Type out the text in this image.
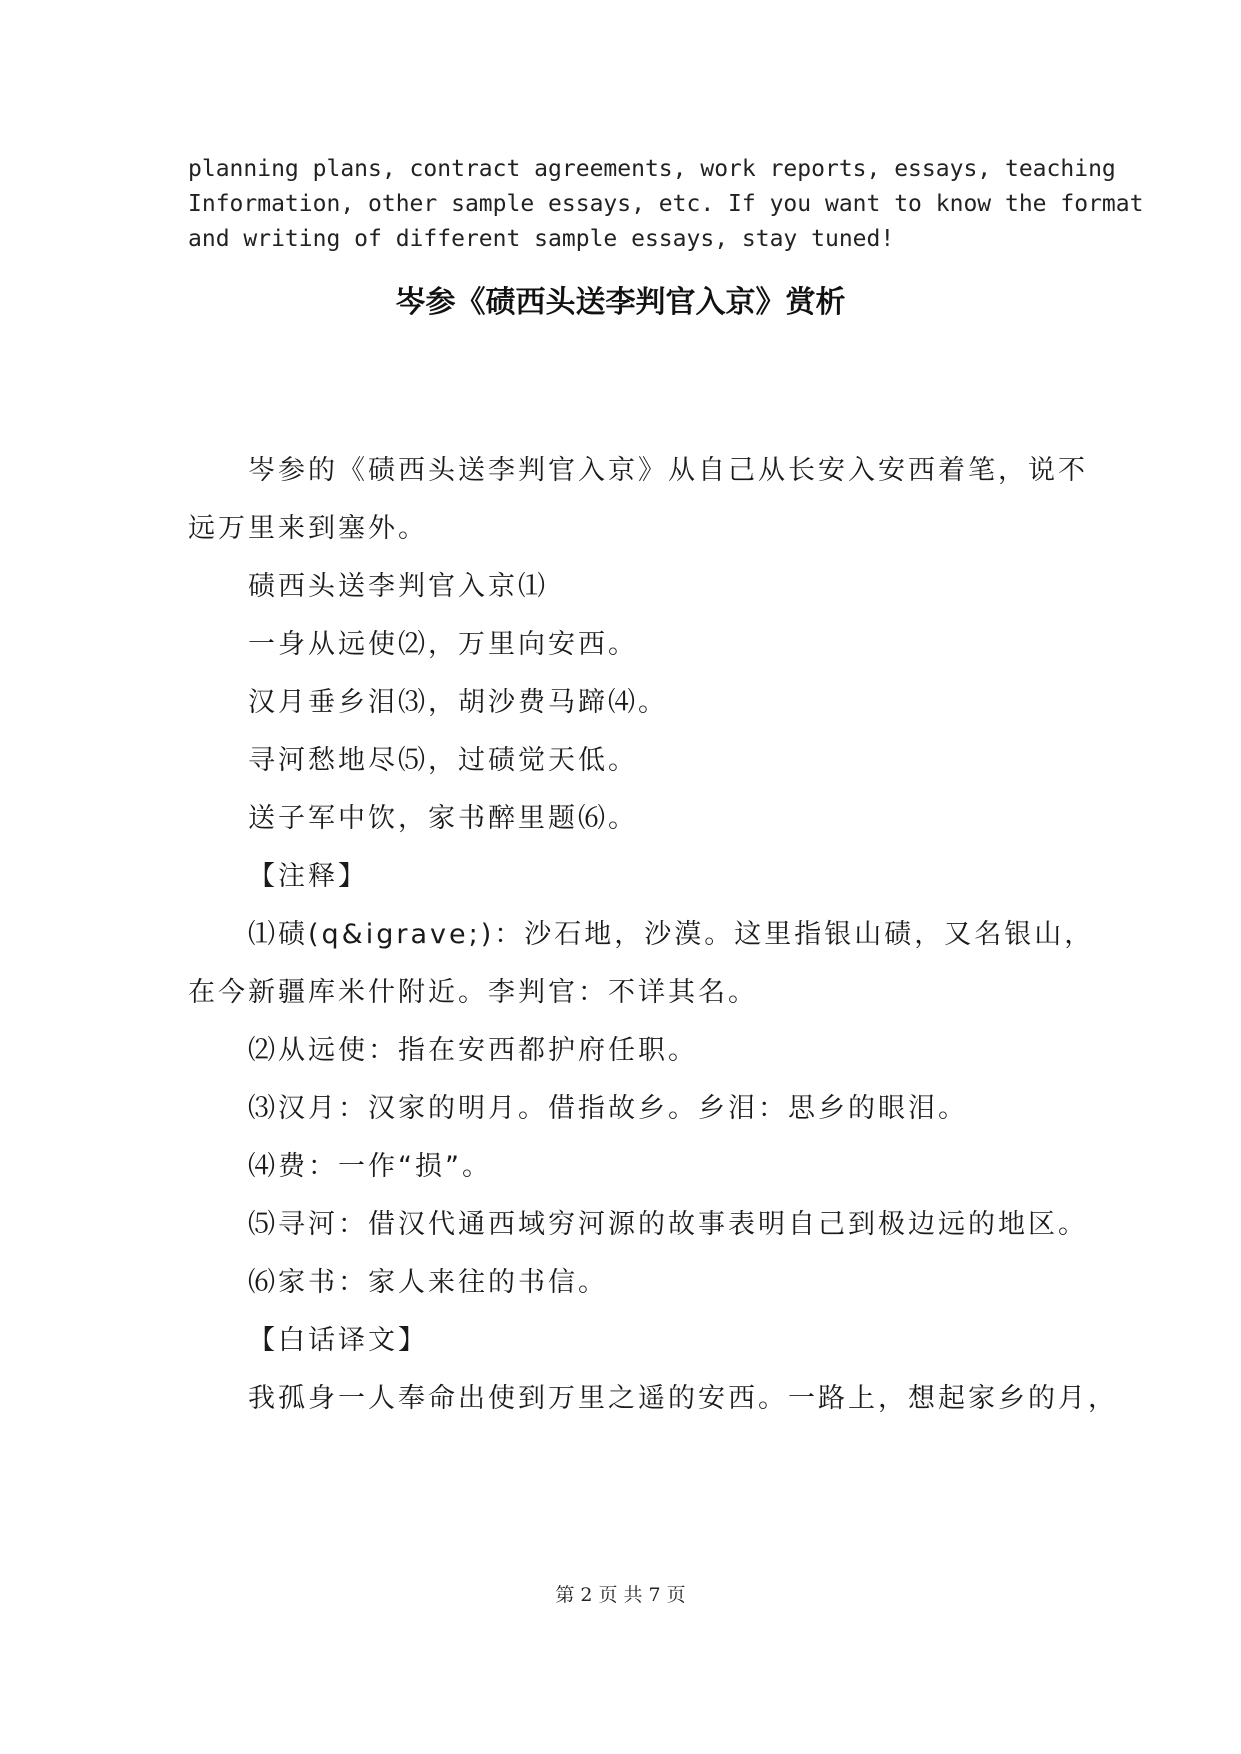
planning plans, contract agreements, work reports, essays, teaching
Information, other sample essays, etc. If you want to know the format
and writing of different sample essays, stay tuned!
岑参《碛西头送李判官入京》赏析
岑参的《碛西头送李判官入京》从自己从长安入安西着笔，说不
远万里来到塞外。
碛西头送李判官入京⑴
一身从远使⑵，万里向安西。
汉月垂乡泪⑶，胡沙费马蹄⑷。
寻河愁地尽⑸，过碛觉天低。
送子军中饮，家书醉里题⑹。
【注释】
⑴碛(q&igrave;)：沙石地，沙漠。这里指银山碛，又名银山，
在今新疆库米什附近。李判官：不详其名。
⑵从远使：指在安西都护府任职。
⑶汉月：汉家的明月。借指故乡。乡泪：思乡的眼泪。
⑷费：一作“损”。
⑸寻河：借汉代通西域穷河源的故事表明自己到极边远的地区。
⑹家书：家人来往的书信。
【白话译文】
我孤身一人奉命出使到万里之遥的安西。一路上，想起家乡的月，
第 2 页 共 7 页
